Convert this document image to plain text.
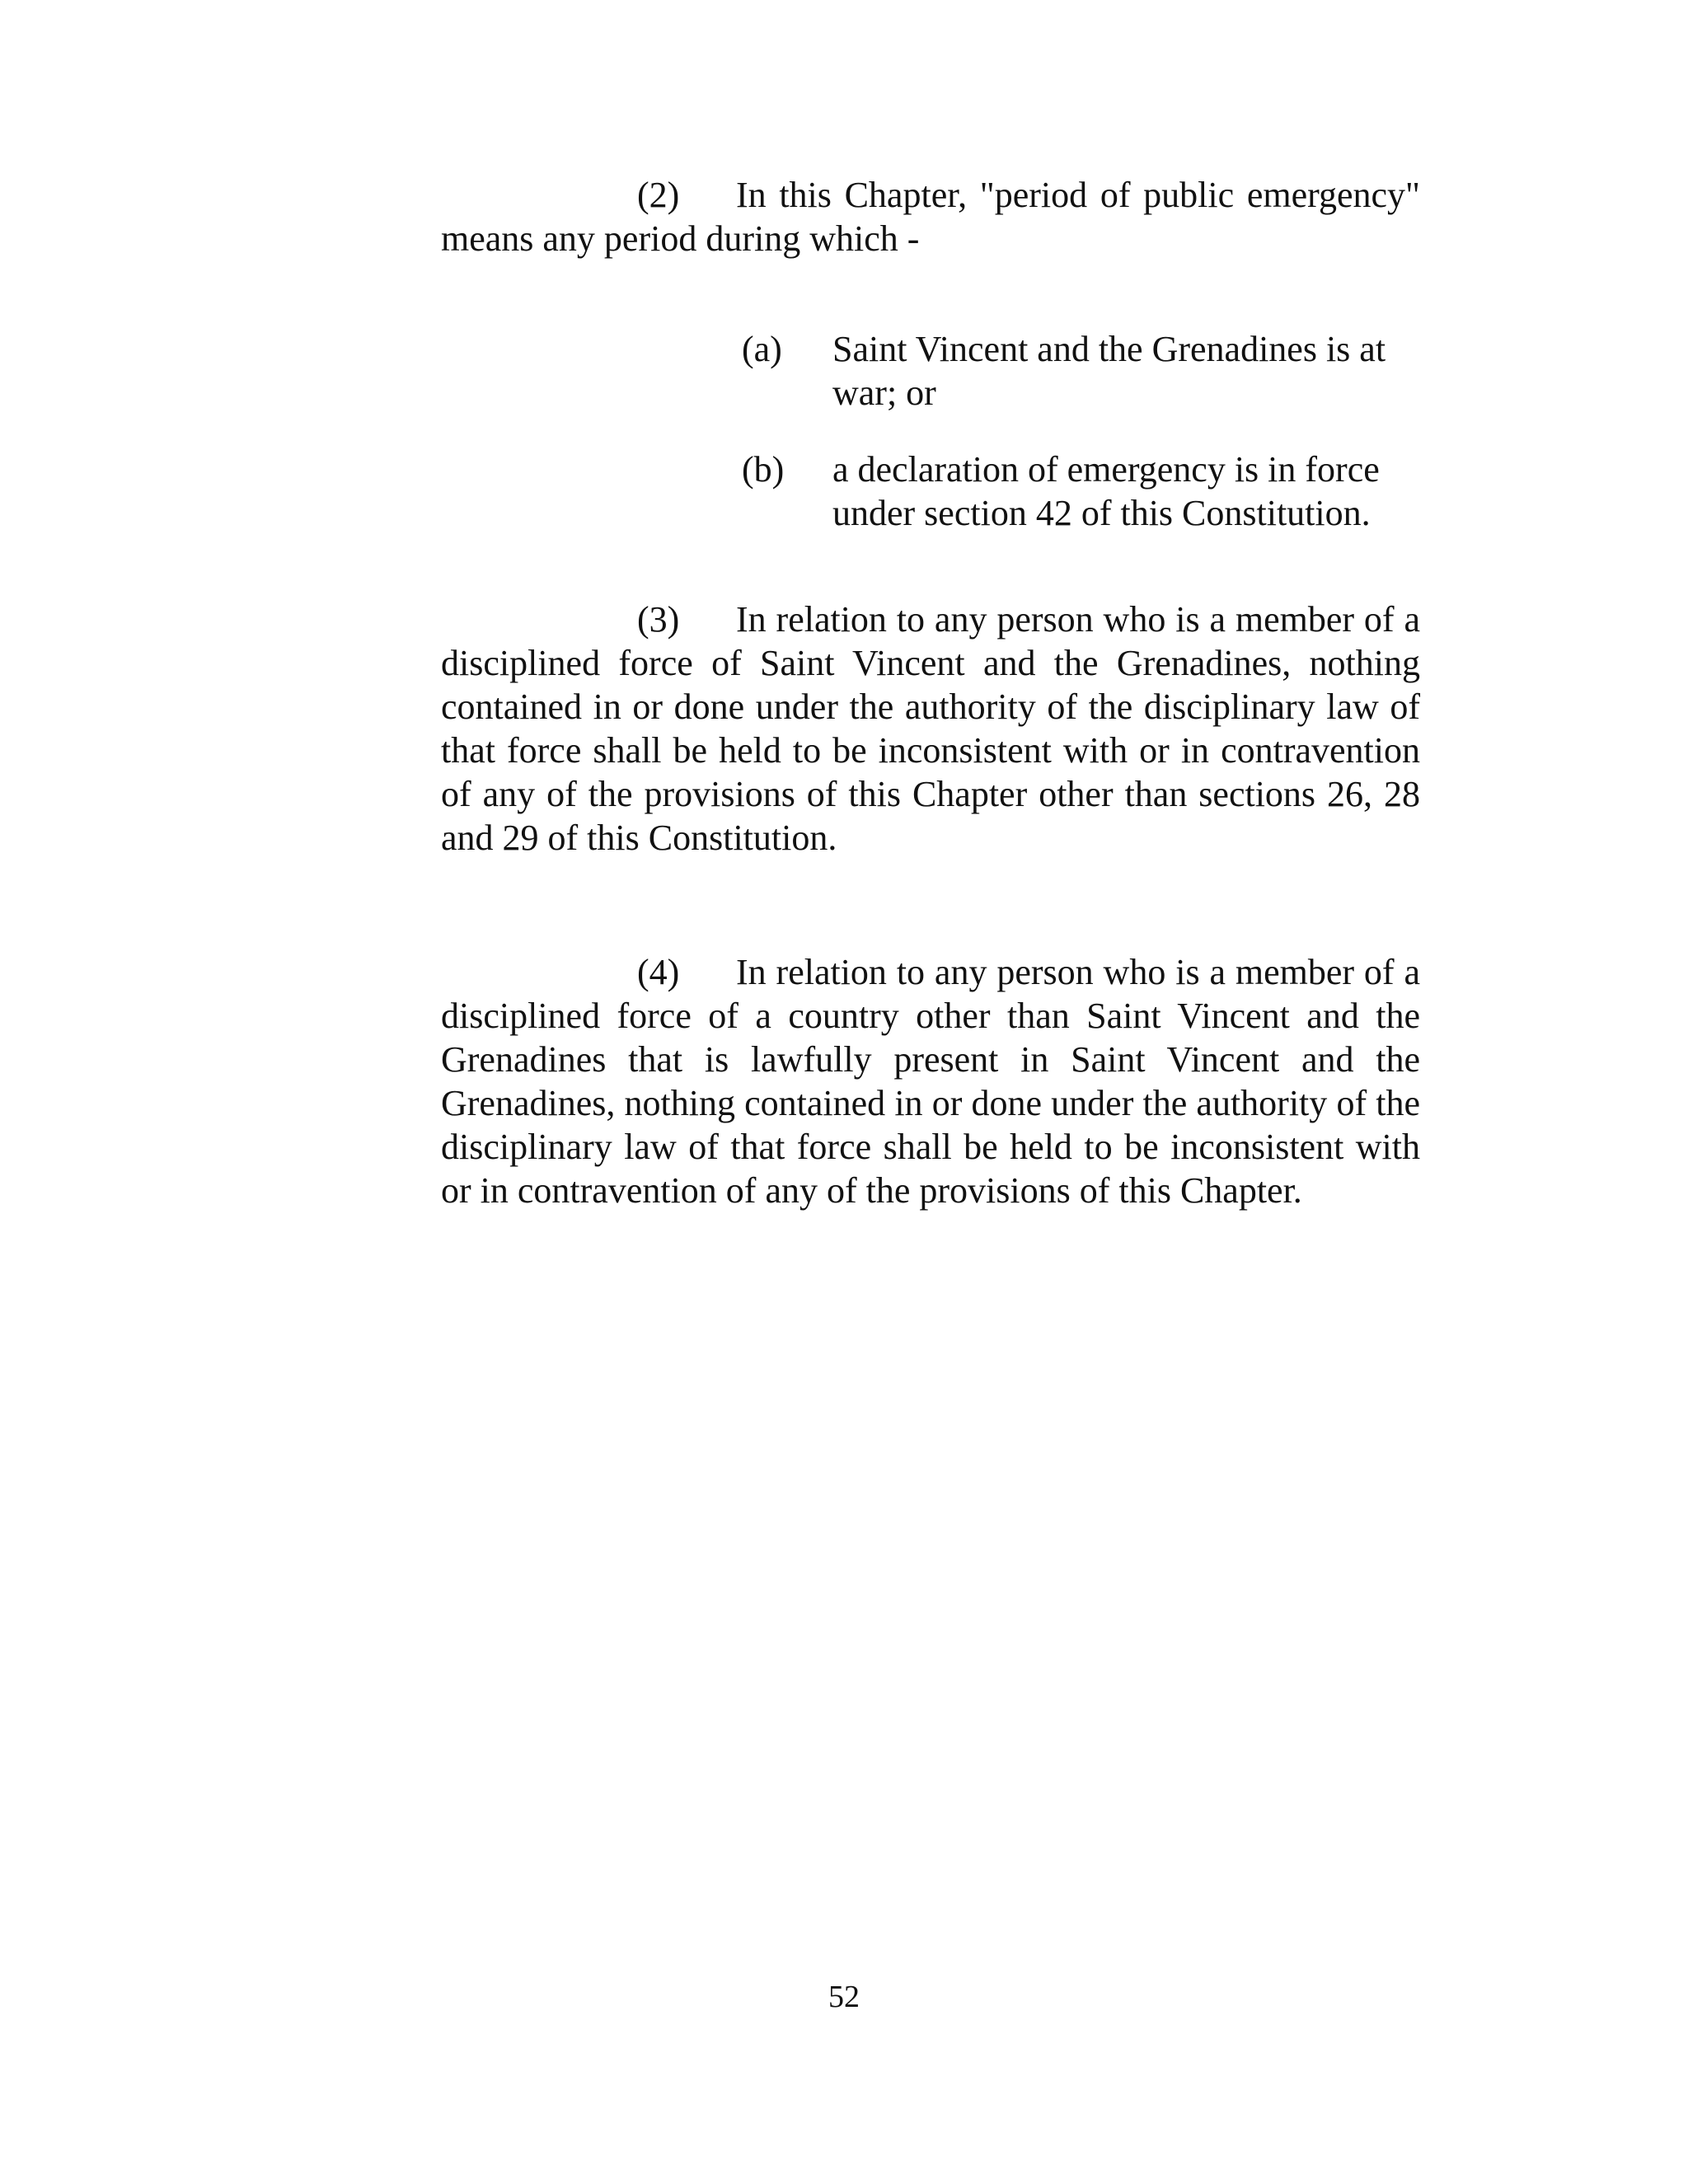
(2) In this Chapter, "period of public emergency" means any period during which -
(a)	Saint Vincent and the Grenadines is at war; or
(b)	a declaration of emergency is in force under section 42 of this Constitution.
(3) In relation to any person who is a member of a disciplined force of Saint Vincent and the Grenadines, nothing contained in or done under the authority of the disciplinary law of that force shall be held to be inconsistent with or in contravention of any of the provisions of this Chapter other than sections 26, 28 and 29 of this Constitution.
(4) In relation to any person who is a member of a disciplined force of a country other than Saint Vincent and the Grenadines that is lawfully present in Saint Vincent and the Grenadines, nothing contained in or done under the authority of the disciplinary law of that force shall be held to be inconsistent with or in contravention of any of the provisions of this Chapter.
52
